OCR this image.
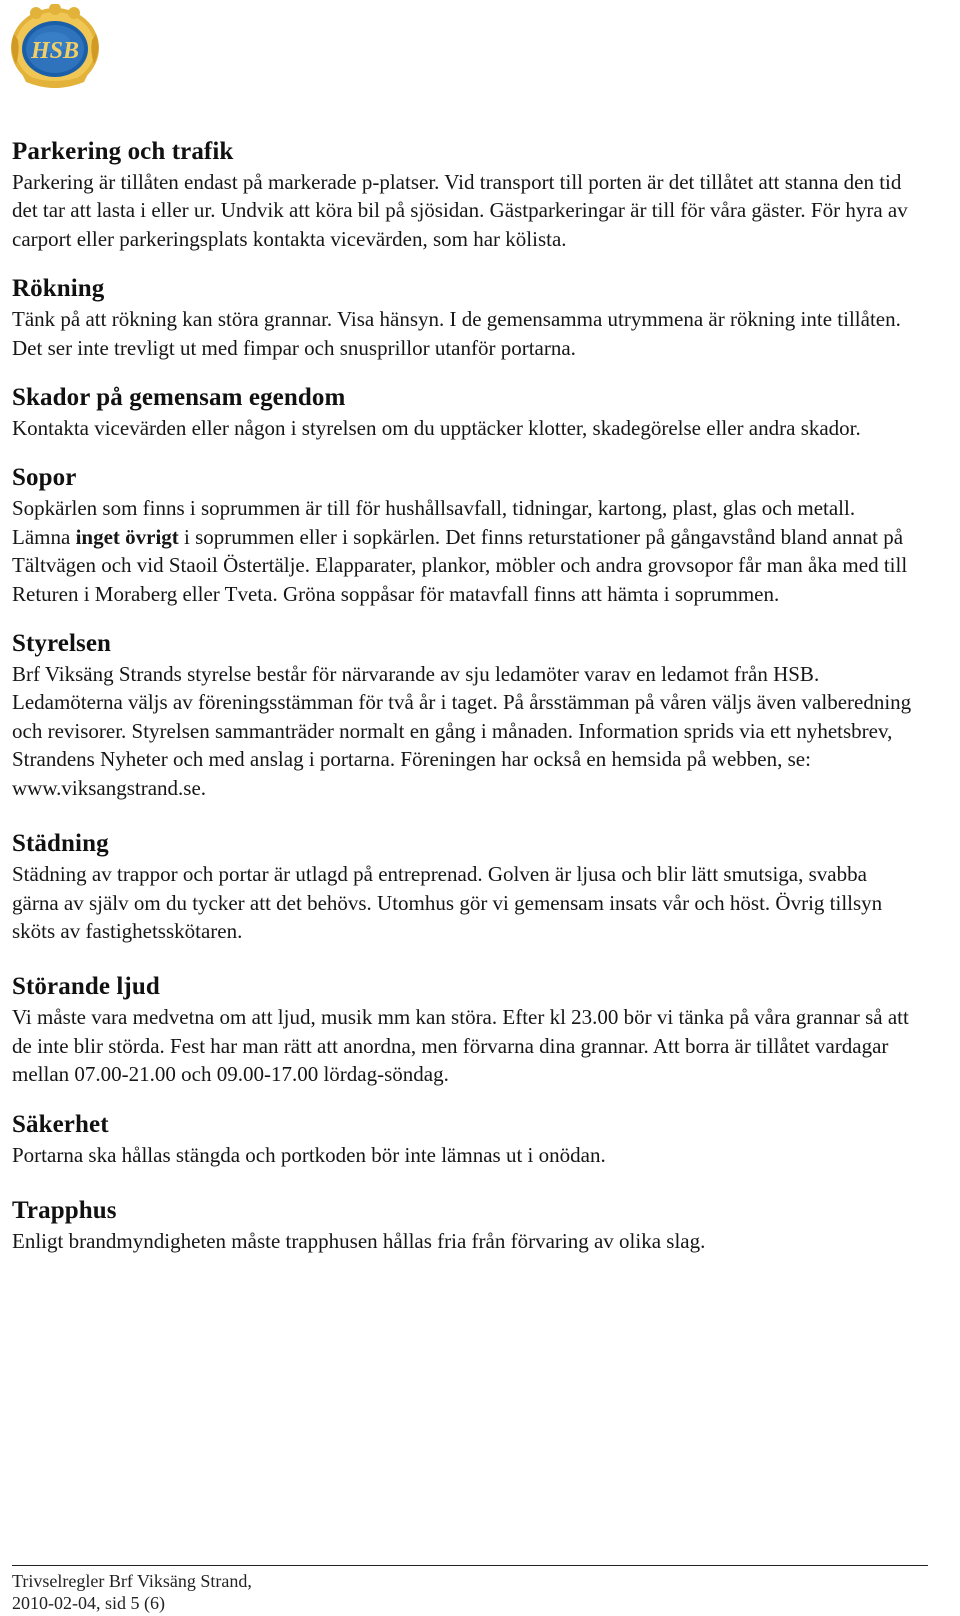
HSB
Parkering och trafik

Parkering är tillåten endast på markerade p-platser. Vid transport till porten är det tillåtet att stanna den tid det tar att lasta i eller ur. Undvik att köra bil på sjösidan. Gästparkeringar är till för våra gäster. För hyra av carport eller parkeringsplats kontakta vicevärden, som har kölista.

Rökning

Tänk på att rökning kan störa grannar. Visa hänsyn. I de gemensamma utrymmena är rökning inte tillåten. Det ser inte trevligt ut med fimpar och snusprillor utanför portarna.

Skador på gemensam egendom

Kontakta vicevärden eller någon i styrelsen om du upptäcker klotter, skadegörelse eller andra skador.

Sopor

Sopkärlen som finns i soprummen är till för hushållsavfall, tidningar, kartong, plast, glas och metall. Lämna inget övrigt i soprummen eller i sopkärlen. Det finns returstationer på gångavstånd bland annat på Tältvägen och vid Staoil Östertälje. Elapparater, plankor, möbler och andra grovsopor får man åka med till Returen i Moraberg eller Tveta. Gröna soppåsar för matavfall finns att hämta i soprummen.

Styrelsen

Brf Viksäng Strands styrelse består för närvarande av sju ledamöter varav en ledamot från HSB. Ledamöterna väljs av föreningsstämman för två år i taget. På årsstämman på våren väljs även valberedning och revisorer. Styrelsen sammanträder normalt en gång i månaden. Information sprids via ett nyhetsbrev, Strandens Nyheter och med anslag i portarna. Föreningen har också en hemsida på webben, se: www.viksangstrand.se.

Städning

Städning av trappor och portar är utlagd på entreprenad. Golven är ljusa och blir lätt smutsiga, svabba gärna av själv om du tycker att det behövs. Utomhus gör vi gemensam insats vår och höst. Övrig tillsyn sköts av fastighetsskötaren.

Störande ljud

Vi måste vara medvetna om att ljud, musik mm kan störa. Efter kl 23.00 bör vi tänka på våra grannar så att de inte blir störda. Fest har man rätt att anordna, men förvarna dina grannar. Att borra är tillåtet vardagar mellan 07.00-21.00 och 09.00-17.00 lördag-söndag.

Säkerhet

Portarna ska hållas stängda och portkoden bör inte lämnas ut i onödan.

Trapphus

Enligt brandmyndigheten måste trapphusen hållas fria från förvaring av olika slag.

Trivselregler Brf Viksäng Strand,

2010-02-04, sid 5 (6)
